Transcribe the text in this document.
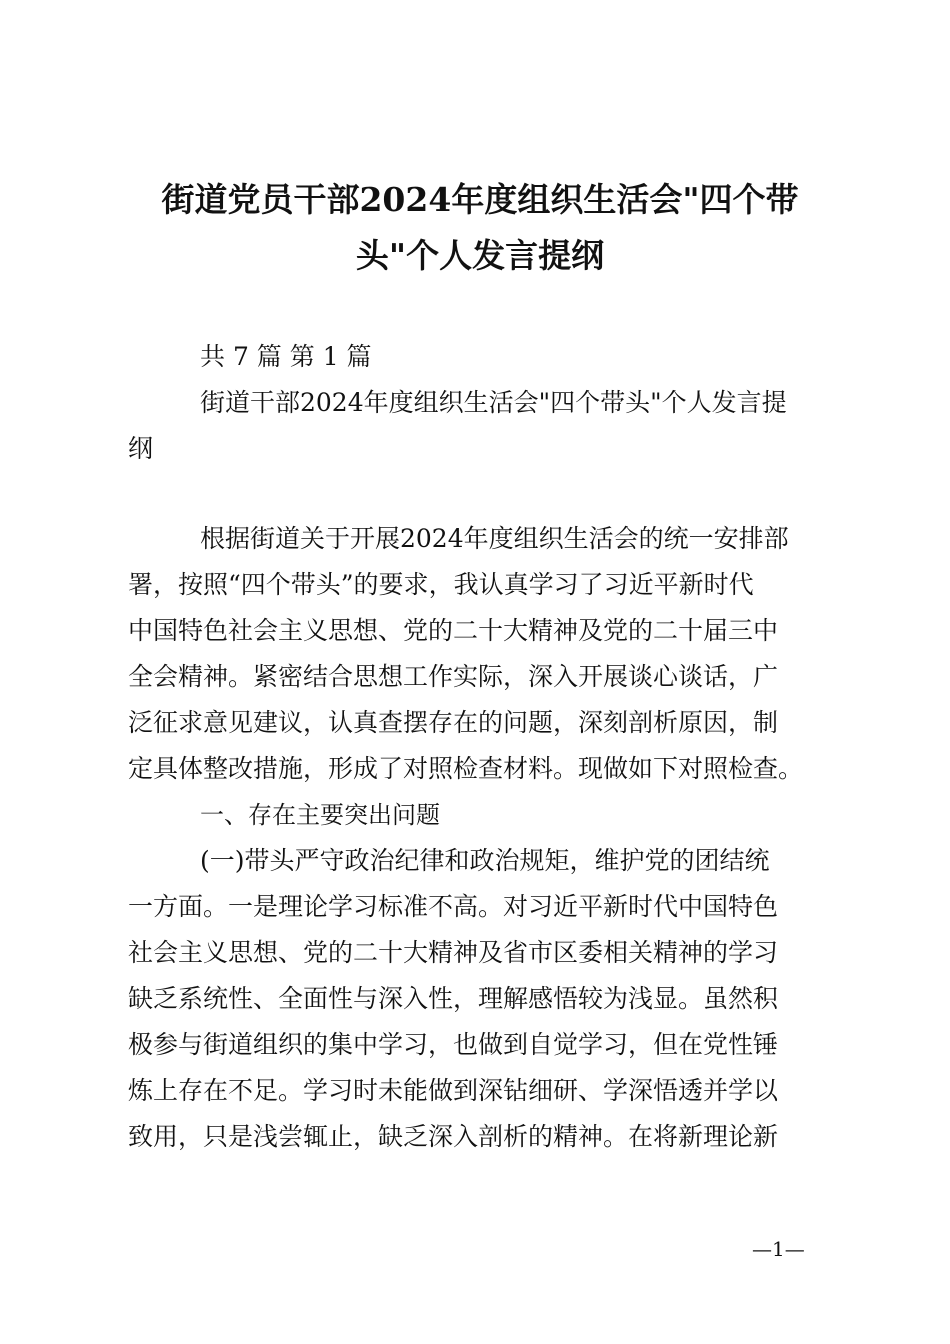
街道党员干部2024年度组织生活会"四个带
头"个人发言提纲
共 7 篇 第 1 篇
街道干部2024年度组织生活会"四个带头"个人发言提
纲
根据街道关于开展2024年度组织生活会的统一安排部
署，按照“四个带头”的要求，我认真学习了习近平新时代
中国特色社会主义思想、党的二十大精神及党的二十届三中
全会精神。紧密结合思想工作实际，深入开展谈心谈话，广
泛征求意见建议，认真查摆存在的问题，深刻剖析原因，制
定具体整改措施，形成了对照检查材料。现做如下对照检查。
一、存在主要突出问题
(一)带头严守政治纪律和政治规矩，维护党的团结统
一方面。一是理论学习标准不高。对习近平新时代中国特色
社会主义思想、党的二十大精神及省市区委相关精神的学习
缺乏系统性、全面性与深入性，理解感悟较为浅显。虽然积
极参与街道组织的集中学习，也做到自觉学习，但在党性锤
炼上存在不足。学习时未能做到深钻细研、学深悟透并学以
致用，只是浅尝辄止，缺乏深入剖析的精神。在将新理论新
—1—
